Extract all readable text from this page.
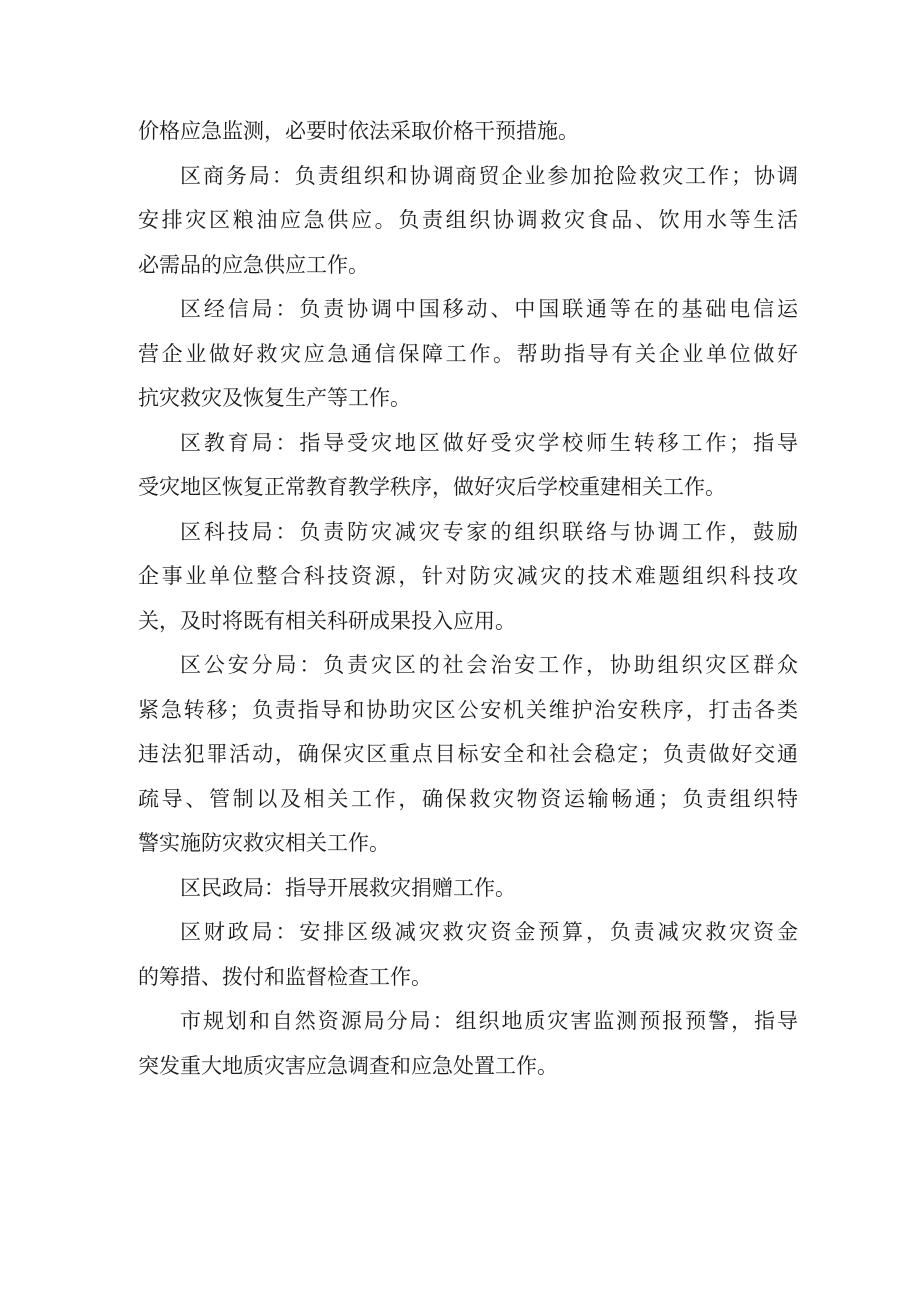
价格应急监测，必要时依法采取价格干预措施。
区商务局：负责组织和协调商贸企业参加抢险救灾工作；协调
安排灾区粮油应急供应。负责组织协调救灾食品、饮用水等生活
必需品的应急供应工作。
区经信局：负责协调中国移动、中国联通等在的基础电信运
营企业做好救灾应急通信保障工作。帮助指导有关企业单位做好
抗灾救灾及恢复生产等工作。
区教育局：指导受灾地区做好受灾学校师生转移工作；指导
受灾地区恢复正常教育教学秩序，做好灾后学校重建相关工作。
区科技局：负责防灾减灾专家的组织联络与协调工作，鼓励
企事业单位整合科技资源，针对防灾减灾的技术难题组织科技攻
关，及时将既有相关科研成果投入应用。
区公安分局：负责灾区的社会治安工作，协助组织灾区群众
紧急转移；负责指导和协助灾区公安机关维护治安秩序，打击各类
违法犯罪活动，确保灾区重点目标安全和社会稳定；负责做好交通
疏导、管制以及相关工作，确保救灾物资运输畅通；负责组织特
警实施防灾救灾相关工作。
区民政局：指导开展救灾捐赠工作。
区财政局：安排区级减灾救灾资金预算，负责减灾救灾资金
的筹措、拨付和监督检查工作。
市规划和自然资源局分局：组织地质灾害监测预报预警，指导
突发重大地质灾害应急调查和应急处置工作。
